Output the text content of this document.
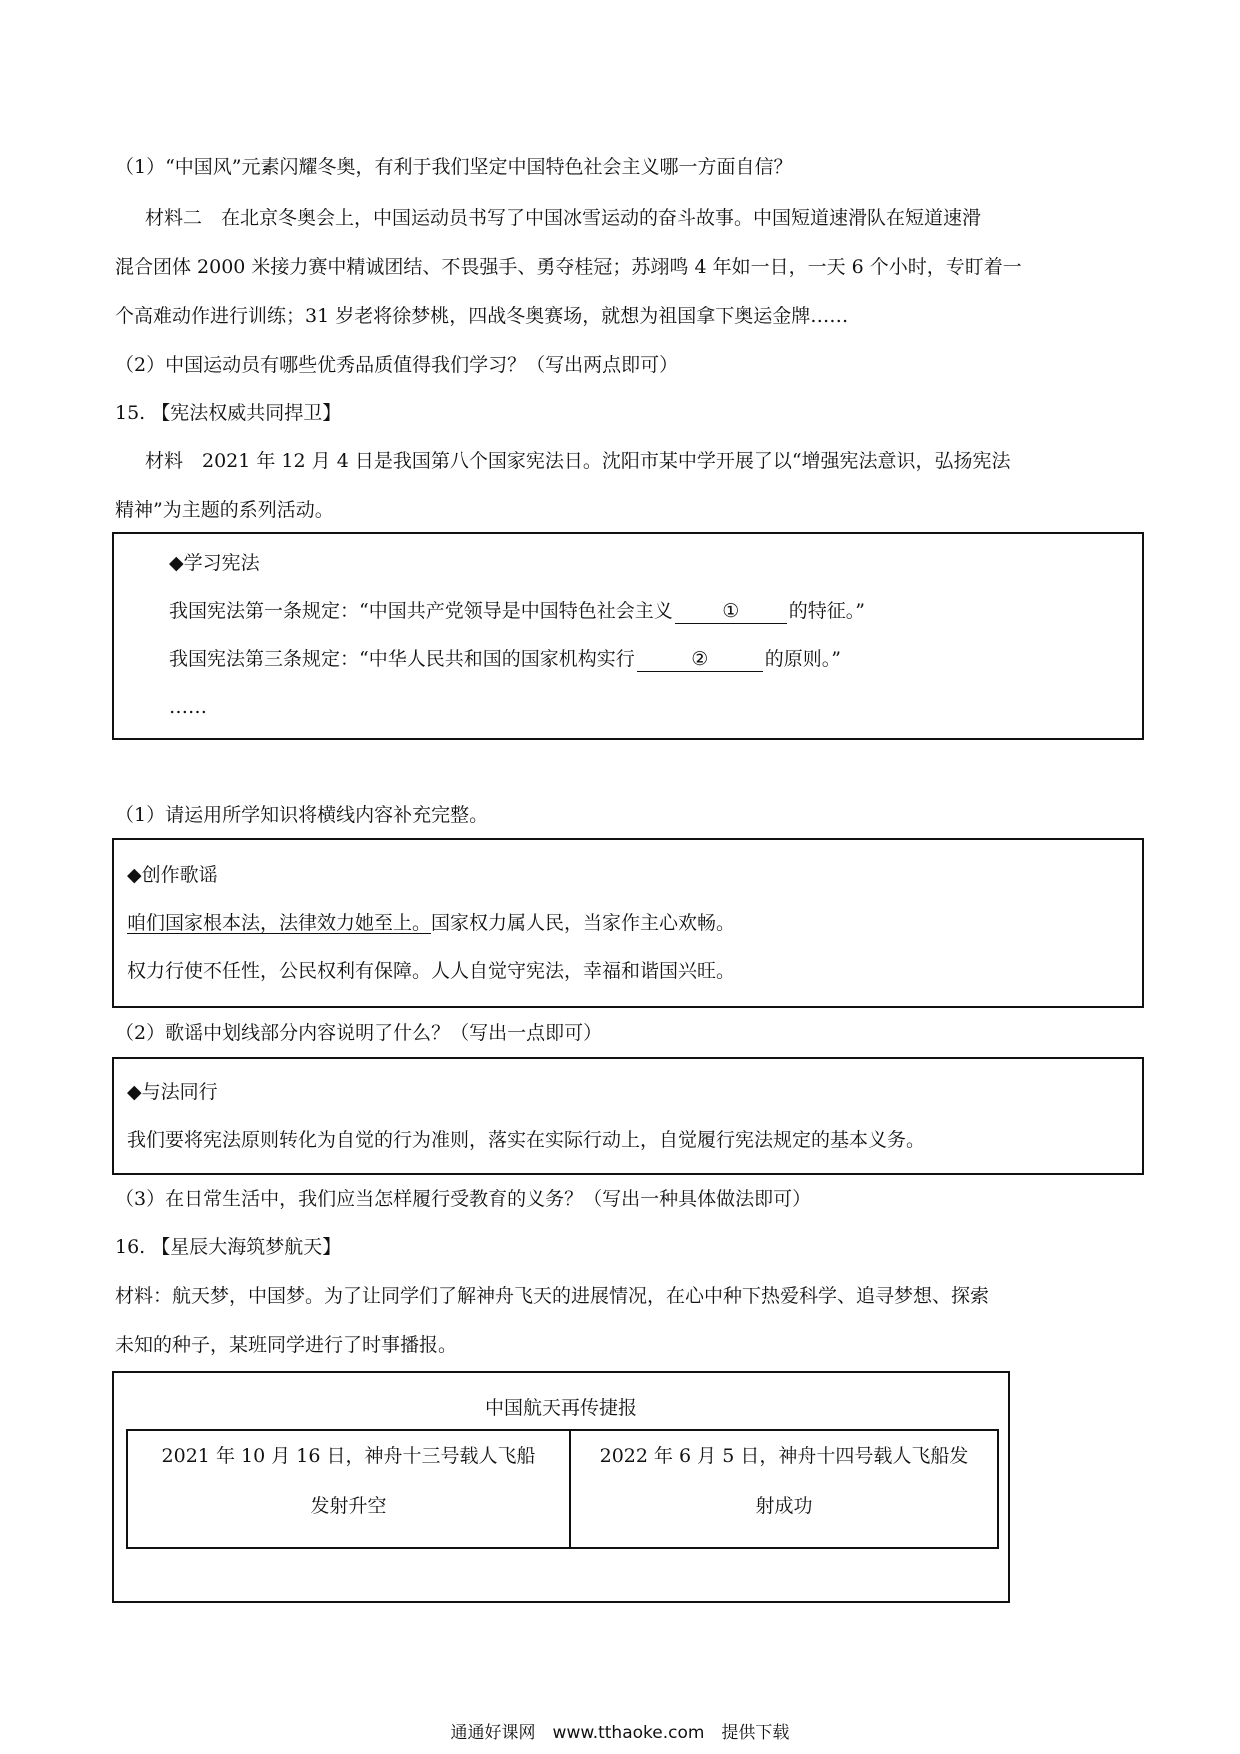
（1）“中国风”元素闪耀冬奥，有利于我们坚定中国特色社会主义哪一方面自信？
材料二　在北京冬奥会上，中国运动员书写了中国冰雪运动的奋斗故事。中国短道速滑队在短道速滑
混合团体 2000 米接力赛中精诚团结、不畏强手、勇夺桂冠；苏翊鸣 4 年如一日，一天 6 个小时，专盯着一
个高难动作进行训练；31 岁老将徐梦桃，四战冬奥赛场，就想为祖国拿下奥运金牌……
（2）中国运动员有哪些优秀品质值得我们学习？（写出两点即可）
15. 【宪法权威共同捍卫】
材料　2021 年 12 月 4 日是我国第八个国家宪法日。沈阳市某中学开展了以“增强宪法意识，弘扬宪法
精神”为主题的系列活动。
◆学习宪法
我国宪法第一条规定：“中国共产党领导是中国特色社会主义	①	的特征。”
我国宪法第三条规定：“中华人民共和国的国家机构实行	②	的原则。”
……
（1）请运用所学知识将横线内容补充完整。
◆创作歌谣
咱们国家根本法，法律效力她至上。国家权力属人民，当家作主心欢畅。
权力行使不任性，公民权利有保障。人人自觉守宪法，幸福和谐国兴旺。
（2）歌谣中划线部分内容说明了什么？（写出一点即可）
◆与法同行
我们要将宪法原则转化为自觉的行为准则，落实在实际行动上，自觉履行宪法规定的基本义务。
（3）在日常生活中，我们应当怎样履行受教育的义务？（写出一种具体做法即可）
16. 【星辰大海筑梦航天】
材料：航天梦，中国梦。为了让同学们了解神舟飞天的进展情况，在心中种下热爱科学、追寻梦想、探索
未知的种子，某班同学进行了时事播报。
中国航天再传捷报
2021 年 10 月 16 日，神舟十三号载人飞船
发射升空
2022 年 6 月 5 日，神舟十四号载人飞船发
射成功
通通好课网　www.tthaoke.com　提供下载
